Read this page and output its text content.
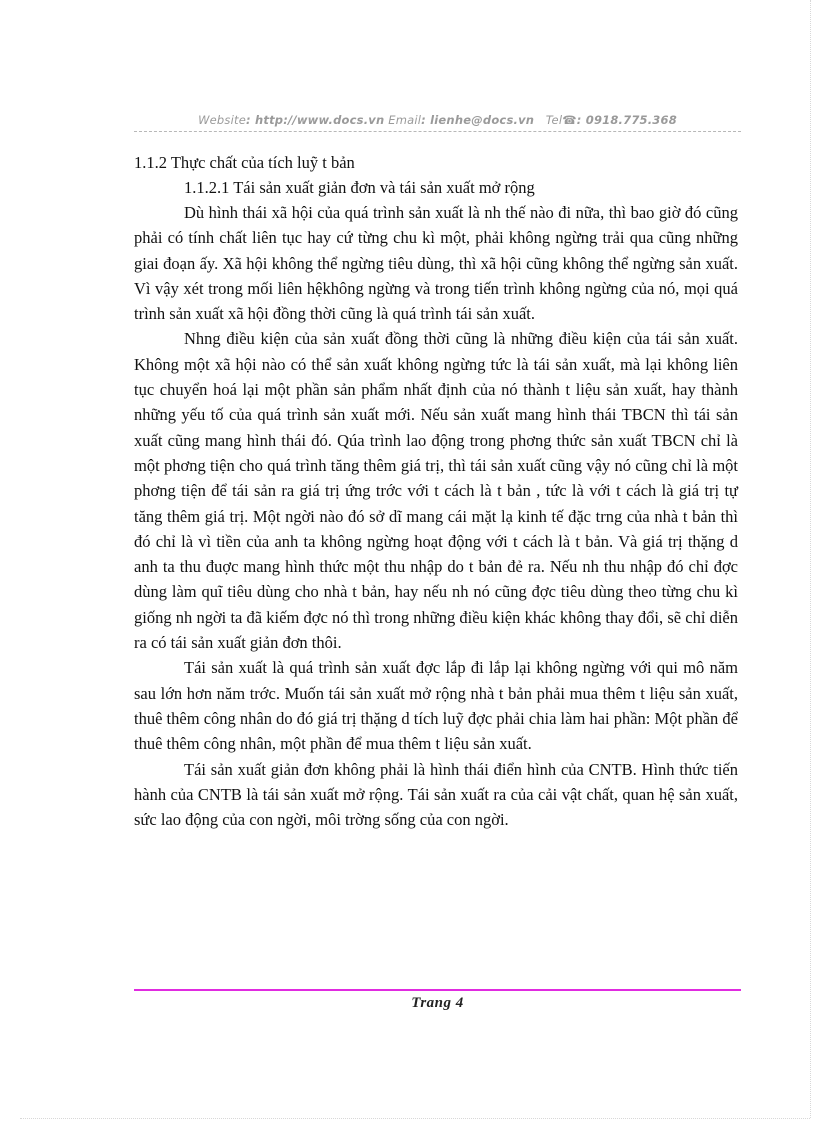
Website: http://www.docs.vn Email: lienhe@docs.vn Tel☎: 0918.775.368

1.1.2 Thực chất của tích luỹ t bản

1.1.2.1 Tái sản xuất giản đơn và tái sản xuất mở rộng

Dù hình thái xã hội của quá trình sản xuất là nh thế nào đi nữa, thì bao giờ đó cũng phải có tính chất liên tục hay cứ từng chu kì một, phải không ngừng trải qua cũng những giai đoạn ấy. Xã hội không thể ngừng tiêu dùng, thì xã hội cũng không thể ngừng sản xuất. Vì vậy xét trong mối liên hệkhông ngừng và trong tiến trình không ngừng của nó, mọi quá trình sản xuất xã hội đồng thời cũng là quá trình tái sản xuất.

Nhng điều kiện của sản xuất đồng thời cũng là những điều kiện của tái sản xuất. Không một xã hội nào có thể sản xuất không ngừng tức là tái sản xuất, mà lại không liên tục chuyển hoá lại một phần sản phẩm nhất định của nó thành t liệu sản xuất, hay thành những yếu tố của quá trình sản xuất mới. Nếu sản xuất mang hình thái TBCN thì tái sản xuất cũng mang hình thái đó. Qúa trình lao động trong phơng thức sản xuất TBCN chỉ là một phơng tiện cho quá trình tăng thêm giá trị, thì tái sản xuất cũng vậy nó cũng chỉ là một phơng tiện để tái sản ra giá trị ứng trớc với t cách là t bản , tức là với t cách là giá trị tự tăng thêm giá trị. Một ngời nào đó sở dĩ mang cái mặt lạ kinh tế đặc trng của nhà t bản thì đó chỉ là vì tiền của anh ta không ngừng hoạt động với t cách là t bản. Và giá trị thặng d anh ta thu đuợc mang hình thức một thu nhập do t bản đẻ ra. Nếu nh thu nhập đó chỉ đợc dùng làm quĩ tiêu dùng cho nhà t bản, hay nếu nh nó cũng đợc tiêu dùng theo từng chu kì giống nh ngời ta đã kiếm đợc nó thì trong những điều kiện khác không thay đổi, sẽ chỉ diễn ra có tái sản xuất giản đơn thôi.

Tái sản xuất là quá trình sản xuất đợc lắp đi lắp lại không ngừng với qui mô năm sau lớn hơn năm trớc. Muốn tái sản xuất mở rộng nhà t bản phải mua thêm t liệu sản xuất, thuê thêm công nhân do đó giá trị thặng d tích luỹ đợc phải chia làm hai phần: Một phần để thuê thêm công nhân, một phần để mua thêm t liệu sản xuất.

Tái sản xuất giản đơn không phải là hình thái điển hình của CNTB. Hình thức tiến hành của CNTB là tái sản xuất mở rộng. Tái sản xuất ra của cải vật chất, quan hệ sản xuất, sức lao động của con ngời, môi trờng sống của con ngời.

Trang 4
